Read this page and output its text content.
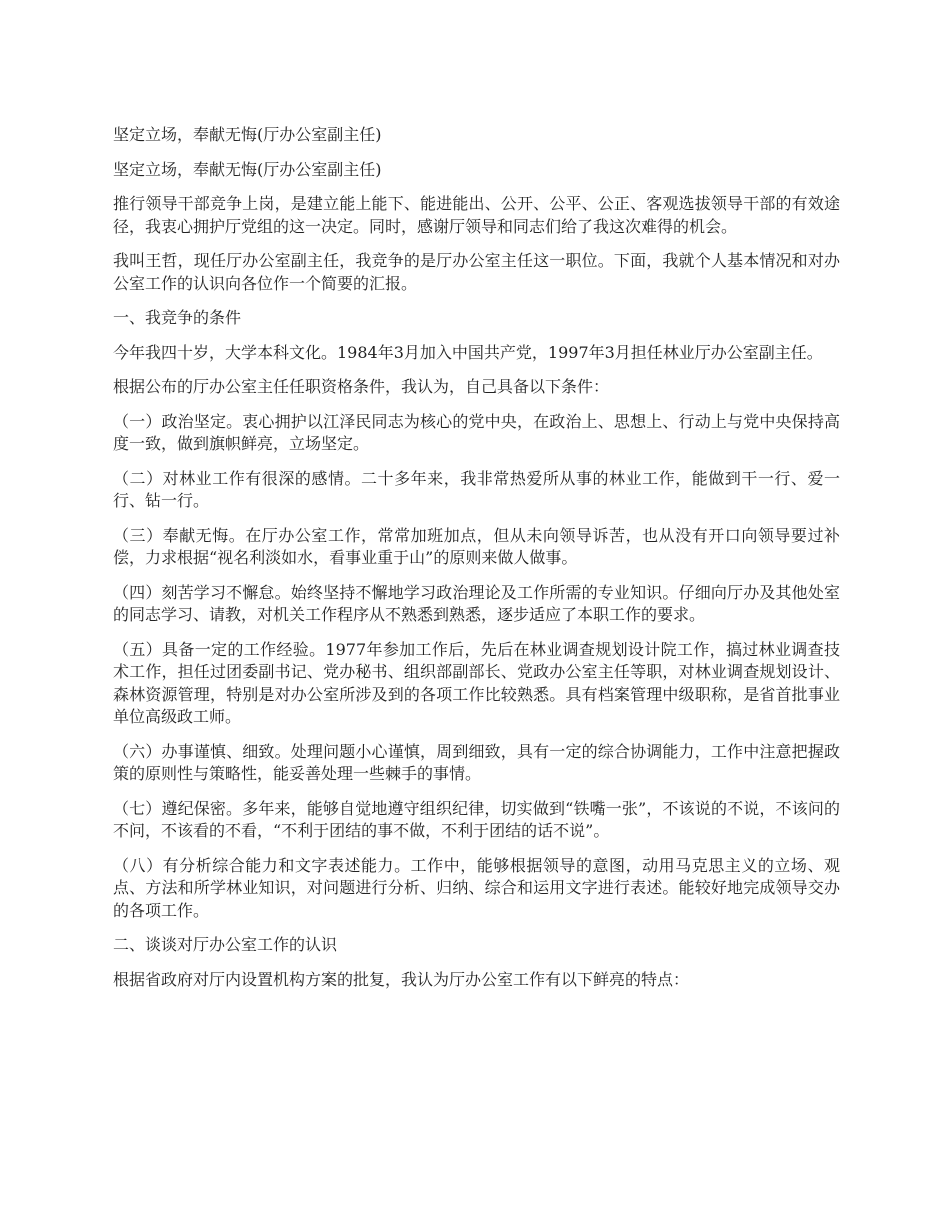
坚定立场，奉献无悔(厅办公室副主任)

坚定立场，奉献无悔(厅办公室副主任)

推行领导干部竞争上岗，是建立能上能下、能进能出、公开、公平、公正、客观选拔领导干部的有效途径，我衷心拥护厅党组的这一决定。同时，感谢厅领导和同志们给了我这次难得的机会。

我叫王哲，现任厅办公室副主任，我竞争的是厅办公室主任这一职位。下面，我就个人基本情况和对办公室工作的认识向各位作一个简要的汇报。

一、我竞争的条件

今年我四十岁，大学本科文化。1984年3月加入中国共产党，1997年3月担任林业厅办公室副主任。

根据公布的厅办公室主任任职资格条件，我认为，自己具备以下条件：

（一）政治坚定。衷心拥护以江泽民同志为核心的党中央，在政治上、思想上、行动上与党中央保持高度一致，做到旗帜鲜亮，立场坚定。

（二）对林业工作有很深的感情。二十多年来，我非常热爱所从事的林业工作，能做到干一行、爱一行、钻一行。

（三）奉献无悔。在厅办公室工作，常常加班加点，但从未向领导诉苦，也从没有开口向领导要过补偿，力求根据“视名利淡如水，看事业重于山”的原则来做人做事。

（四）刻苦学习不懈怠。始终坚持不懈地学习政治理论及工作所需的专业知识。仔细向厅办及其他处室的同志学习、请教，对机关工作程序从不熟悉到熟悉，逐步适应了本职工作的要求。

（五）具备一定的工作经验。1977年参加工作后，先后在林业调查规划设计院工作，搞过林业调查技术工作，担任过团委副书记、党办秘书、组织部副部长、党政办公室主任等职，对林业调查规划设计、森林资源管理，特别是对办公室所涉及到的各项工作比较熟悉。具有档案管理中级职称，是省首批事业单位高级政工师。

（六）办事谨慎、细致。处理问题小心谨慎，周到细致，具有一定的综合协调能力，工作中注意把握政策的原则性与策略性，能妥善处理一些棘手的事情。

（七）遵纪保密。多年来，能够自觉地遵守组织纪律，切实做到“铁嘴一张”，不该说的不说，不该问的不问，不该看的不看，“不利于团结的事不做，不利于团结的话不说”。

（八）有分析综合能力和文字表述能力。工作中，能够根据领导的意图，动用马克思主义的立场、观点、方法和所学林业知识，对问题进行分析、归纳、综合和运用文字进行表述。能较好地完成领导交办的各项工作。

二、谈谈对厅办公室工作的认识

根据省政府对厅内设置机构方案的批复，我认为厅办公室工作有以下鲜亮的特点：
